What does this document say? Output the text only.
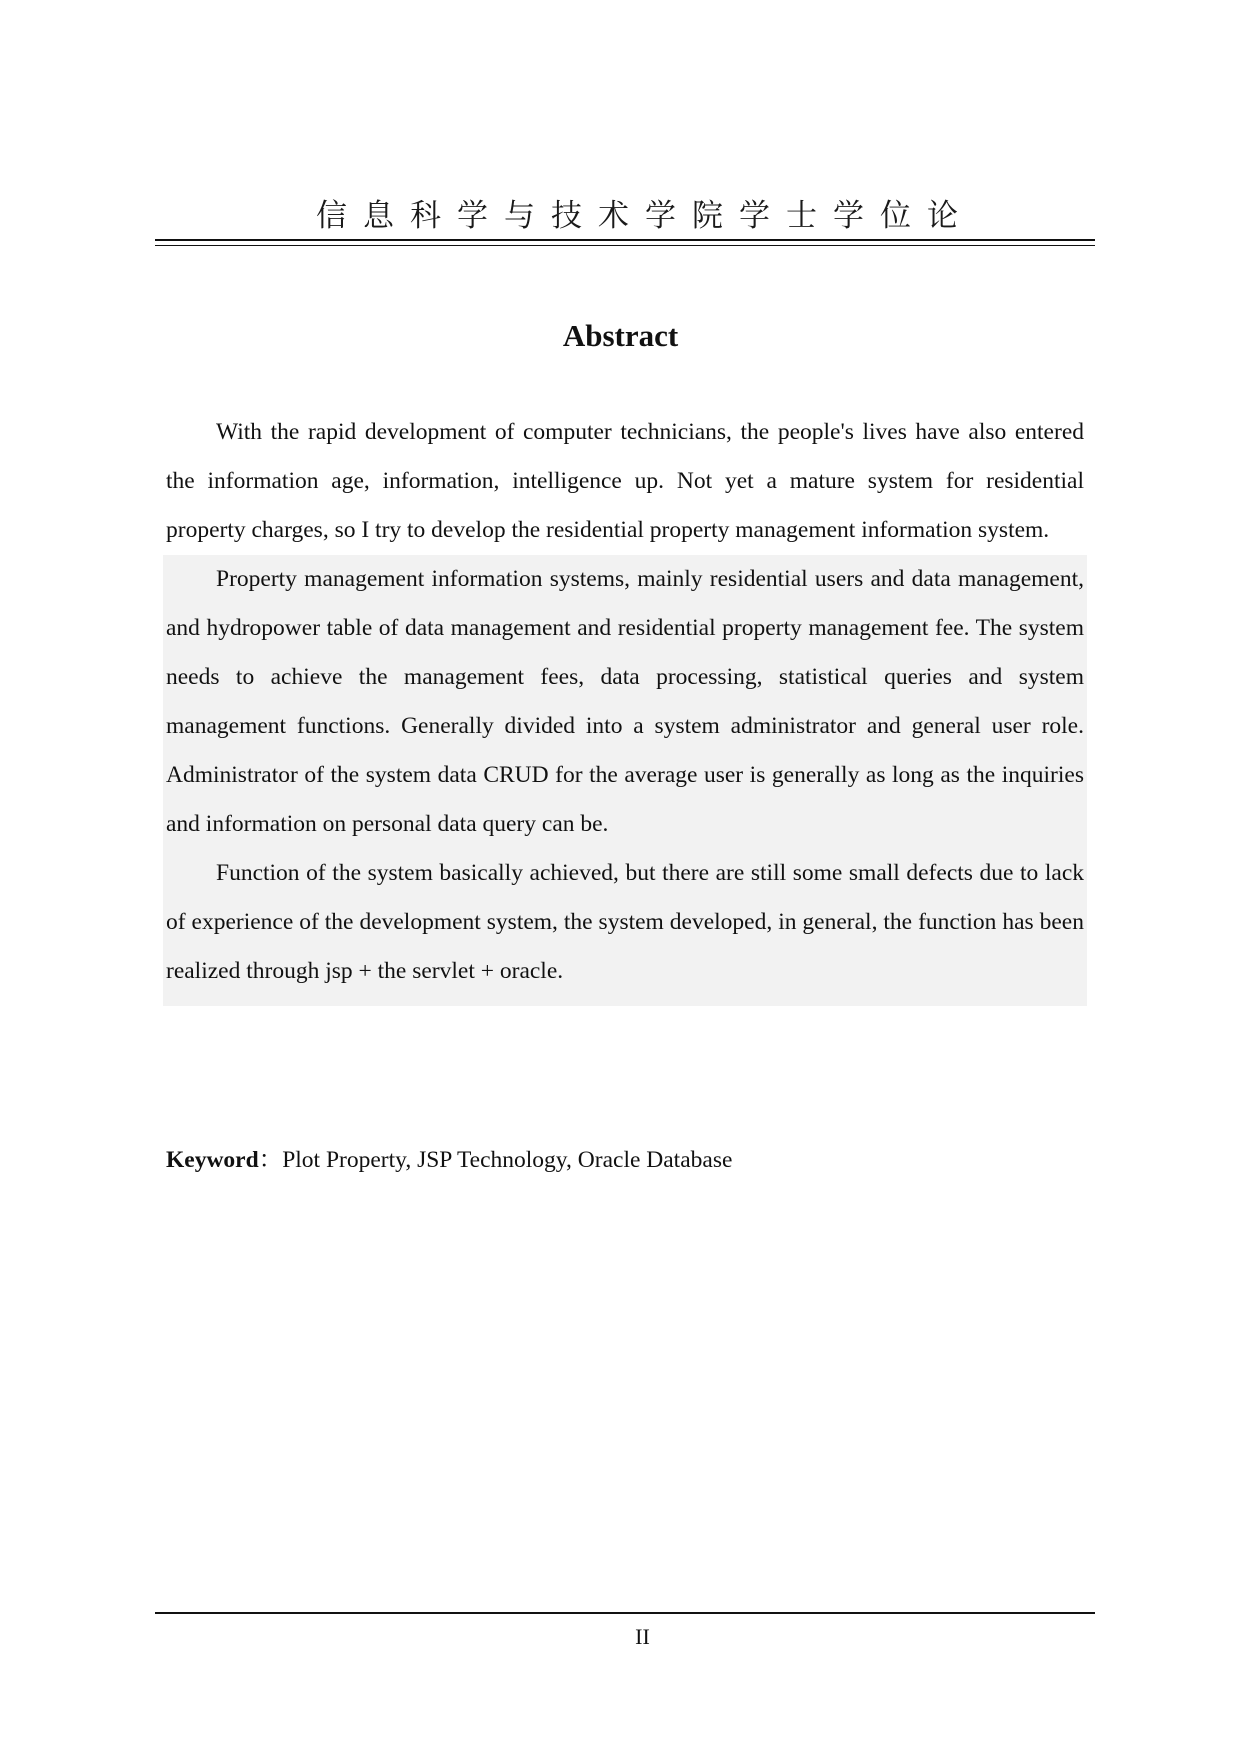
信息科学与技术学院学士学位论
Abstract

With the rapid development of computer technicians, the people's lives have also entered the information age, information, intelligence up. Not yet a mature system for residential property charges, so I try to develop the residential property management information system.

Property management information systems, mainly residential users and data management, and hydropower table of data management and residential property management fee. The system needs to achieve the management fees, data processing, statistical queries and system management functions. Generally divided into a system administrator and general user role. Administrator of the system data CRUD for the average user is generally as long as the inquiries and information on personal data query can be.

Function of the system basically achieved, but there are still some small defects due to lack of experience of the development system, the system developed, in general, the function has been realized through jsp + the servlet + oracle.

Keyword：Plot Property, JSP Technology, Oracle Database
II
